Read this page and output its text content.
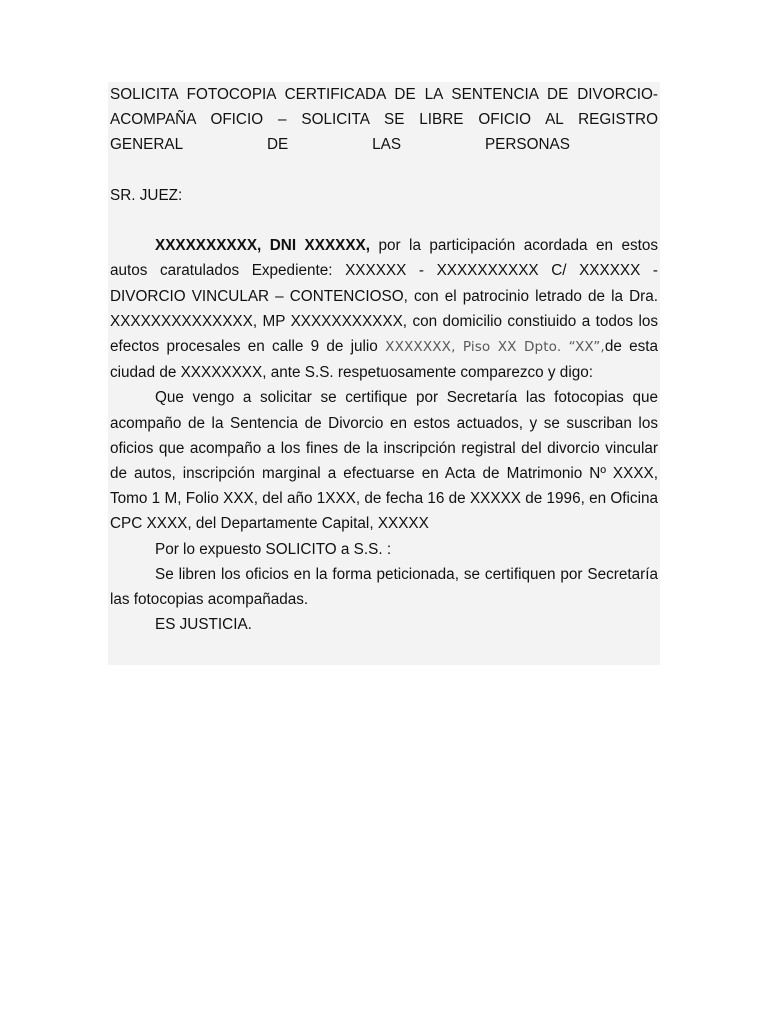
SOLICITA FOTOCOPIA CERTIFICADA DE LA SENTENCIA DE DIVORCIO-
ACOMPAÑA OFICIO – SOLICITA SE LIBRE OFICIO AL REGISTRO
GENERAL	DE	LAS	PERSONAS
SR. JUEZ:
XXXXXXXXXX, DNI XXXXXX, por la participación acordada en estos
autos caratulados Expediente: XXXXXX - XXXXXXXXXX C/ XXXXXX -
DIVORCIO VINCULAR – CONTENCIOSO, con el patrocinio letrado de la Dra.
XXXXXXXXXXXXXX, MP XXXXXXXXXXX, con domicilio constiuido a todos los
efectos procesales en calle 9 de julio XXXXXXX, Piso XX Dpto. “XX”,de esta
ciudad de XXXXXXXX, ante S.S. respetuosamente comparezco y digo:

Que vengo a solicitar se certifique por Secretaría las fotocopias que acompaño de la Sentencia de Divorcio en estos actuados, y se suscriban los oficios que acompaño a los fines de la inscripción registral del divorcio vincular de autos, inscripción marginal a efectuarse en Acta de Matrimonio Nº XXXX, Tomo 1 M, Folio XXX, del año 1XXX, de fecha 16 de XXXXX de 1996, en Oficina CPC XXXX, del Departamente Capital, XXXXX

Por lo expuesto SOLICITO a S.S. :

Se libren los oficios en la forma peticionada, se certifiquen por Secretaría las fotocopias acompañadas.

ES JUSTICIA.
